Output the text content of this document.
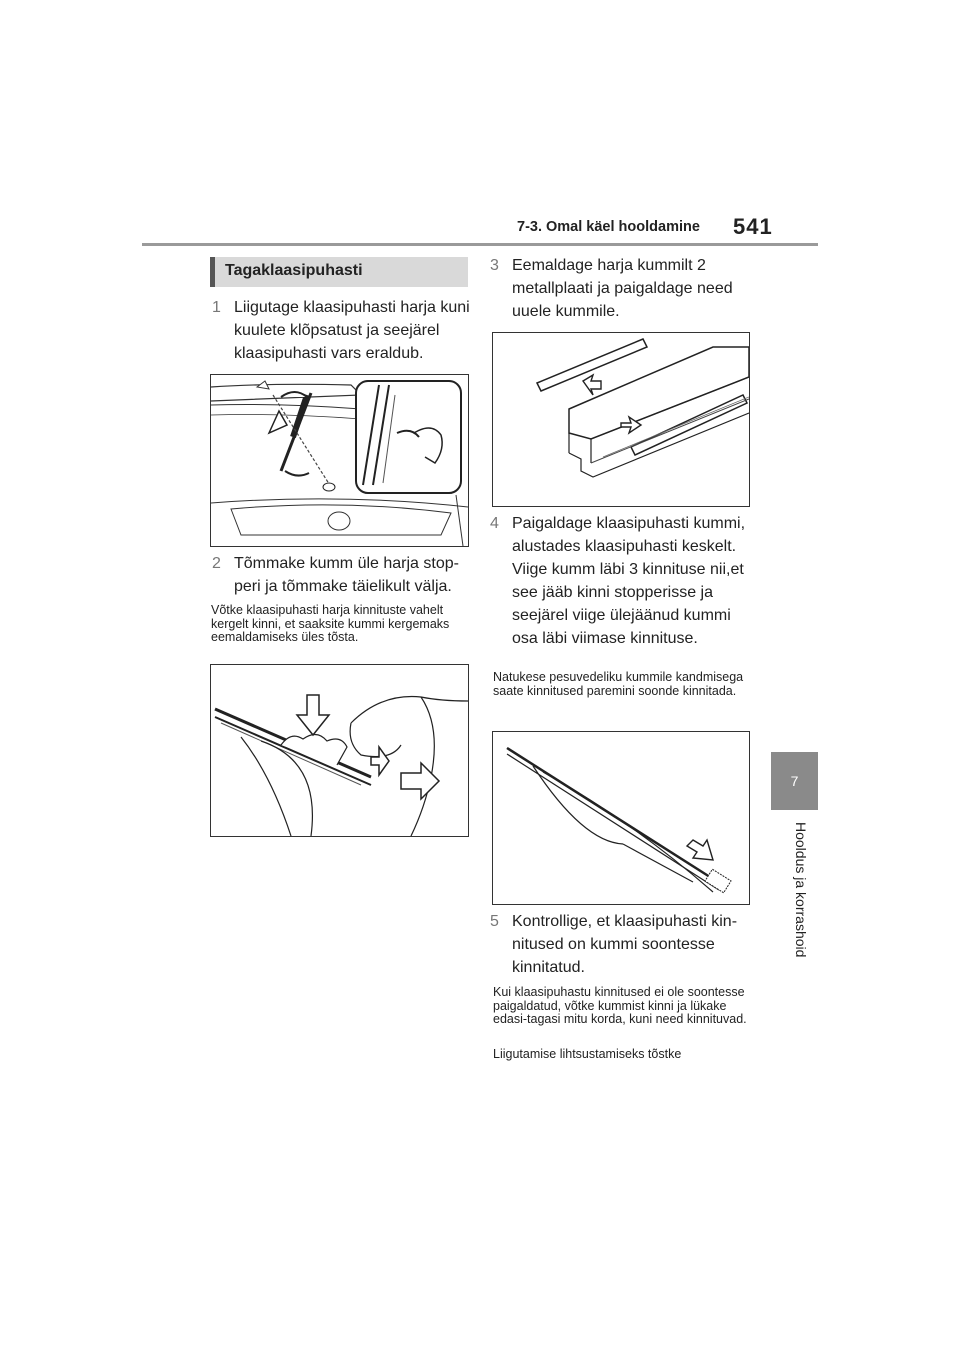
7-3. Omal käel hooldamine 541
7
Hooldus ja korrashoid
Tagaklaasipuhasti
1 Liigutage klaasipuhasti harja kuni kuulete klõpsatust ja seejärel klaasipuhasti vars eraldub.
2 Tõmmake kumm üle harja stopperi ja tõmmake täielikult välja.
Võtke klaasipuhasti harja kinnituste vahelt kergelt kinni, et saaksite kummi kergemaks eemaldamiseks üles tõsta.
3 Eemaldage harja kummilt 2 metallplaati ja paigaldage need uuele kummile.
4 Paigaldage klaasipuhasti kummi, alustades klaasipuhasti keskelt. Viige kumm läbi 3 kinnituse nii,et see jääb kinni stopperisse ja seejärel viige ülejäänud kummi osa läbi viimase kinnituse.
Natukese pesuvedeliku kummile kandmisega saate kinnitused paremini soonde kinnitada.
5 Kontrollige, et klaasipuhasti kinnitused on kummi soontesse kinnitatud.
Kui klaasipuhastu kinnitused ei ole soontesse paigaldatud, võtke kummist kinni ja lükake edasi-tagasi mitu korda, kuni need kinnituvad.
Liigutamise lihtsustamiseks tõstke
